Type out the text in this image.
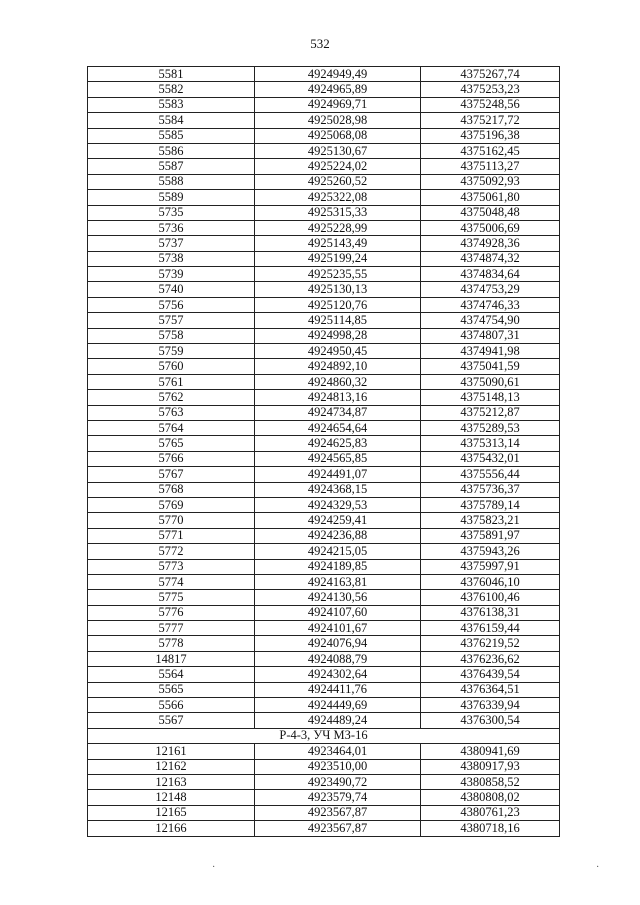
532
5581	4924949,49	4375267,74
5582	4924965,89	4375253,23
5583	4924969,71	4375248,56
5584	4925028,98	4375217,72
5585	4925068,08	4375196,38
5586	4925130,67	4375162,45
5587	4925224,02	4375113,27
5588	4925260,52	4375092,93
5589	4925322,08	4375061,80
5735	4925315,33	4375048,48
5736	4925228,99	4375006,69
5737	4925143,49	4374928,36
5738	4925199,24	4374874,32
5739	4925235,55	4374834,64
5740	4925130,13	4374753,29
5756	4925120,76	4374746,33
5757	4925114,85	4374754,90
5758	4924998,28	4374807,31
5759	4924950,45	4374941,98
5760	4924892,10	4375041,59
5761	4924860,32	4375090,61
5762	4924813,16	4375148,13
5763	4924734,87	4375212,87
5764	4924654,64	4375289,53
5765	4924625,83	4375313,14
5766	4924565,85	4375432,01
5767	4924491,07	4375556,44
5768	4924368,15	4375736,37
5769	4924329,53	4375789,14
5770	4924259,41	4375823,21
5771	4924236,88	4375891,97
5772	4924215,05	4375943,26
5773	4924189,85	4375997,91
5774	4924163,81	4376046,10
5775	4924130,56	4376100,46
5776	4924107,60	4376138,31
5777	4924101,67	4376159,44
5778	4924076,94	4376219,52
14817	4924088,79	4376236,62
5564	4924302,64	4376439,54
5565	4924411,76	4376364,51
5566	4924449,69	4376339,94
5567	4924489,24	4376300,54
Р-4-3, УЧ МЗ-16		
12161	4923464,01	4380941,69
12162	4923510,00	4380917,93
12163	4923490,72	4380858,52
12148	4923579,74	4380808,02
12165	4923567,87	4380761,23
12166	4923567,87	4380718,16
·	·
